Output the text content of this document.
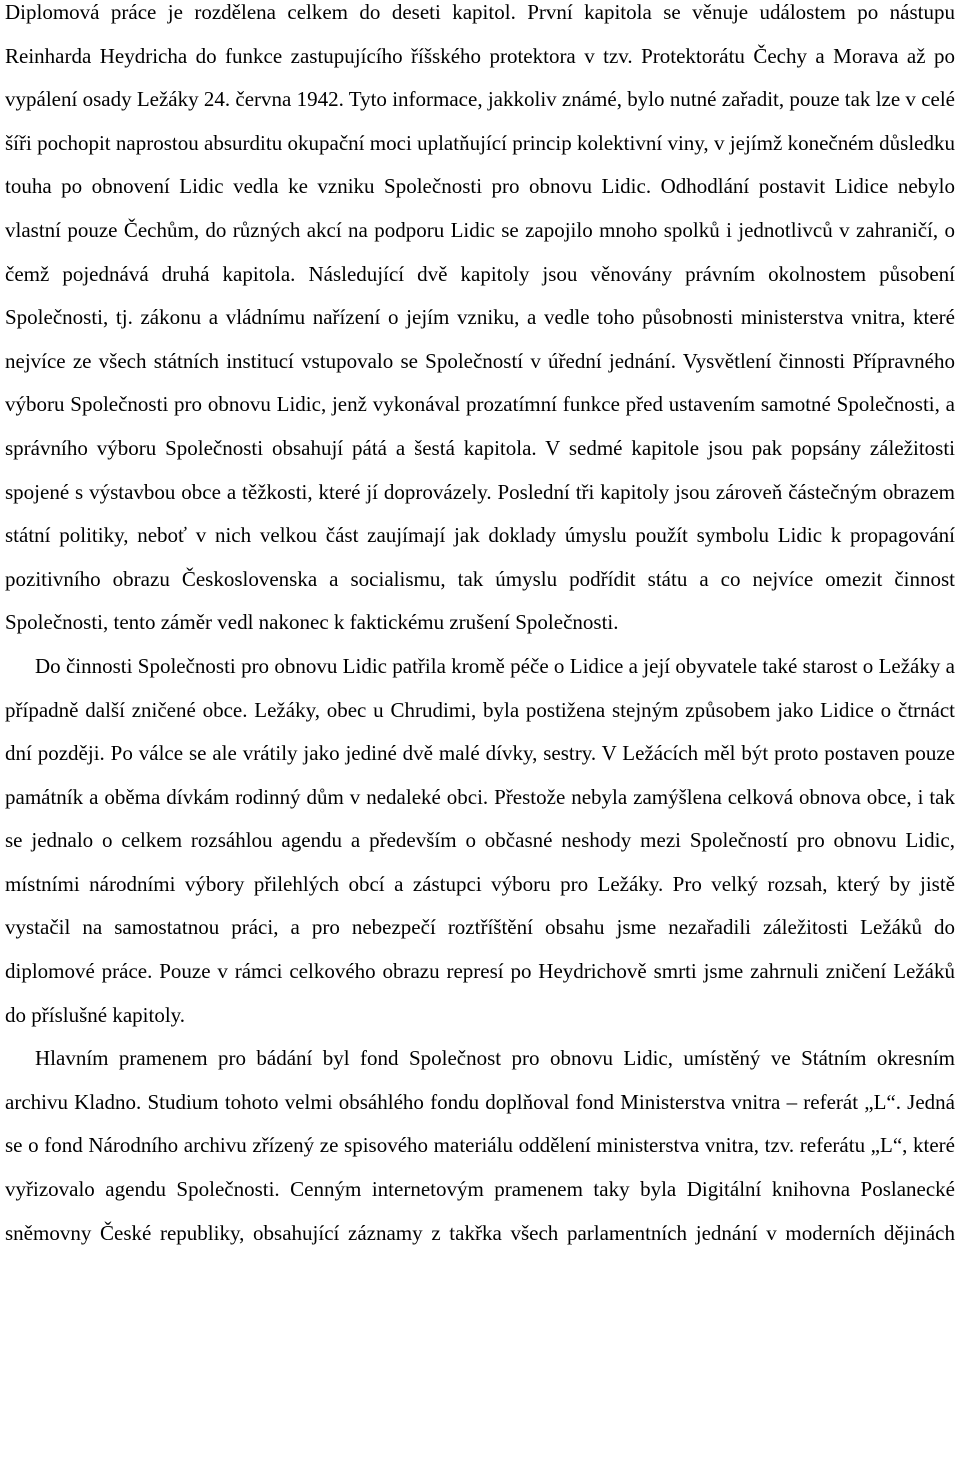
Diplomová práce je rozdělena celkem do deseti kapitol. První kapitola se věnuje událostem po nástupu Reinharda Heydricha do funkce zastupujícího říšského protektora v tzv. Protektorátu Čechy a Morava až po vypálení osady Ležáky 24. června 1942. Tyto informace, jakkoliv známé, bylo nutné zařadit, pouze tak lze v celé šíři pochopit naprostou absurditu okupační moci uplatňující princip kolektivní viny, v jejímž konečném důsledku touha po obnovení Lidic vedla ke vzniku Společnosti pro obnovu Lidic. Odhodlání postavit Lidice nebylo vlastní pouze Čechům, do různých akcí na podporu Lidic se zapojilo mnoho spolků i jednotlivců v zahraničí, o čemž pojednává druhá kapitola. Následující dvě kapitoly jsou věnovány právním okolnostem působení Společnosti, tj. zákonu a vládnímu nařízení o jejím vzniku, a vedle toho působnosti ministerstva vnitra, které nejvíce ze všech státních institucí vstupovalo se Společností v úřední jednání. Vysvětlení činnosti Přípravného výboru Společnosti pro obnovu Lidic, jenž vykonával prozatímní funkce před ustavením samotné Společnosti, a správního výboru Společnosti obsahují pátá a šestá kapitola. V sedmé kapitole jsou pak popsány záležitosti spojené s výstavbou obce a těžkosti, které jí doprovázely. Poslední tři kapitoly jsou zároveň částečným obrazem státní politiky, neboť v nich velkou část zaujímají jak doklady úmyslu použít symbolu Lidic k propagování pozitivního obrazu Československa a socialismu, tak úmyslu podřídit státu a co nejvíce omezit činnost Společnosti, tento záměr vedl nakonec k faktickému zrušení Společnosti.

Do činnosti Společnosti pro obnovu Lidic patřila kromě péče o Lidice a její obyvatele také starost o Ležáky a případně další zničené obce. Ležáky, obec u Chrudimi, byla postižena stejným způsobem jako Lidice o čtrnáct dní později. Po válce se ale vrátily jako jediné dvě malé dívky, sestry. V Ležácích měl být proto postaven pouze památník a oběma dívkám rodinný dům v nedaleké obci. Přestože nebyla zamýšlena celková obnova obce, i tak se jednalo o celkem rozsáhlou agendu a především o občasné neshody mezi Společností pro obnovu Lidic, místními národními výbory přilehlých obcí a zástupci výboru pro Ležáky. Pro velký rozsah, který by jistě vystačil na samostatnou práci, a pro nebezpečí roztříštění obsahu jsme nezařadili záležitosti Ležáků do diplomové práce. Pouze v rámci celkového obrazu represí po Heydrichově smrti jsme zahrnuli zničení Ležáků do příslušné kapitoly.

Hlavním pramenem pro bádání byl fond Společnost pro obnovu Lidic, umístěný ve Státním okresním archivu Kladno. Studium tohoto velmi obsáhlého fondu doplňoval fond Ministerstva vnitra – referát „L“. Jedná se o fond Národního archivu zřízený ze spisového materiálu oddělení ministerstva vnitra, tzv. referátu „L“, které vyřizovalo agendu Společnosti. Cenným internetovým pramenem taky byla Digitální knihovna Poslanecké sněmovny České republiky, obsahující záznamy z takřka všech parlamentních jednání v moderních dějinách
